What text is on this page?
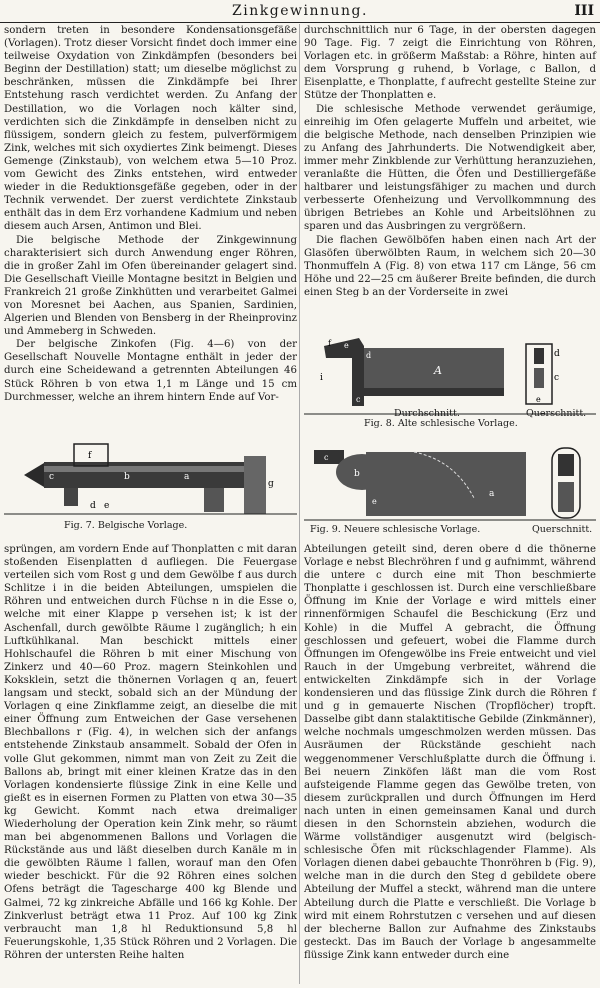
Zinkgewinnung.	III

sondern treten in besondere Kondensationsgefäße (Vorlagen). Trotz dieser Vorsicht findet doch immer eine teilweise Oxydation von Zinkdämpfen (besonders bei Beginn der Destillation) statt; um dieselbe möglichst zu beschränken, müssen die Zinkdämpfe bei Ihrer Entstehung rasch verdichtet werden. Zu Anfang der Destillation, wo die Vorlagen noch kälter sind, verdichten sich die Zinkdämpfe in denselben nicht zu flüssigem, sondern gleich zu festem, pulverförmigem Zink, welches mit sich oxydiertes Zink beimengt. Dieses Gemenge (Zinkstaub), von welchem etwa 5—10 Proz. vom Gewicht des Zinks entstehen, wird entweder wieder in die Reduktionsgefäße gegeben, oder in der Technik verwendet. Der zuerst verdichtete Zinkstaub enthält das in dem Erz vorhandene Kadmium und neben diesem auch Arsen, Antimon und Blei.

Die belgische Methode der Zinkgewinnung charakterisiert sich durch Anwendung enger Röhren, die in großer Zahl im Ofen übereinander gelagert sind. Die Gesellschaft Vieille Montagne besitzt in Belgien und Frankreich 21 große Zinkhütten und verarbeitet Galmei von Moresnet bei Aachen, aus Spanien, Sardinien, Algerien und Blenden von Bensberg in der Rheinprovinz und Ammeberg in Schweden.

Der belgische Zinkofen (Fig. 4—6) von der Gesellschaft Nouvelle Montagne enthält in jeder der durch eine Scheidewand a getrennten Abteilungen 46 Stück Röhren b von etwa 1,1 m Länge und 15 cm Durchmesser, welche an ihrem hintern Ende auf Vor-

c	b	a
f
d e
g
Fig. 7. Belgische Vorlage.

sprüngen, am vordern Ende auf Thonplatten c mit daran stoßenden Eisenplatten d aufliegen. Die Feuergase verteilen sich vom Rost g und dem Gewölbe f aus durch Schlitze i in die beiden Abteilungen, umspielen die Röhren und entweichen durch Füchse n in die Esse o, welche mit einer Klappe p versehen ist; k ist der Aschenfall, durch gewölbte Räume l zugänglich; h ein Luftkühlkanal. Man beschickt mittels einer Hohlschaufel die Röhren b mit einer Mischung von Zinkerz und 40—60 Proz. magern Steinkohlen und Koksklein, setzt die thönernen Vorlagen q an, feuert langsam und steckt, sobald sich an der Mündung der Vorlagen q eine Zinkflamme zeigt, an dieselbe die mit einer Öffnung zum Entweichen der Gase versehenen Blechballons r (Fig. 4), in welchen sich der anfangs entstehende Zinkstaub ansammelt. Sobald der Ofen in volle Glut gekommen, nimmt man von Zeit zu Zeit die Ballons ab, bringt mit einer kleinen Kratze das in den Vorlagen kondensierte flüssige Zink in eine Kelle und gießt es in eisernen Formen zu Platten von etwa 30—35 kg Gewicht. Kommt nach etwa dreimaliger Wiederholung der Operation kein Zink mehr, so räumt man bei abgenommenen Ballons und Vorlagen die Rückstände aus und läßt dieselben durch Kanäle m in die gewölbten Räume l fallen, worauf man den Ofen wieder beschickt. Für die 92 Röhren eines solchen Ofens beträgt die Tagescharge 400 kg Blende und Galmei, 72 kg zinkreiche Abfälle und 166 kg Kohle. Der Zinkverlust beträgt etwa 11 Proz. Auf 100 kg Zink verbraucht man 1,8 hl Reduktionsund 5,8 hl Feuerungskohle, 1,35 Stück Röhren und 2 Vorlagen. Die Röhren der untersten Reihe halten

durchschnittlich nur 6 Tage, in der obersten dagegen 90 Tage. Fig. 7 zeigt die Einrichtung von Röhren, Vorlagen etc. in größerm Maßstab: a Röhre, hinten auf dem Vorsprung g ruhend, b Vorlage, c Ballon, d Eisenplatte, e Thonplatte, f aufrecht gestellte Steine zur Stütze der Thonplatten e.

Die schlesische Methode verwendet geräumige, einreihig im Ofen gelagerte Muffeln und arbeitet, wie die belgische Methode, nach denselben Prinzipien wie zu Anfang des Jahrhunderts. Die Notwendigkeit aber, immer mehr Zinkblende zur Verhüttung heranzuziehen, veranlaßte die Hütten, die Öfen und Destilliergefäße haltbarer und leistungsfähiger zu machen und durch verbesserte Ofenheizung und Vervollkommnung des übrigen Betriebes an Kohle und Arbeitslöhnen zu sparen und das Ausbringen zu vergrößern.

Die flachen Gewölböfen haben einen nach Art der Glasöfen überwölbten Raum, in welchem sich 20—30 Thonmuffeln A (Fig. 8) von etwa 117 cm Länge, 56 cm Höhe und 22—25 cm äußerer Breite befinden, die durch einen Steg b an der Vorderseite in zwei

A
i
c
d
e
f
d
c
e
Fig. 8. Alte schlesische Vorlage.
Durchschnitt.	Querschnitt.
c
b
e
a
Fig. 9. Neuere schlesische Vorlage.	Querschnitt.

Abteilungen geteilt sind, deren obere d die thönerne Vorlage e nebst Blechröhren f und g aufnimmt, während die untere c durch eine mit Thon beschmierte Thonplatte i geschlossen ist. Durch eine verschließbare Öffnung im Knie der Vorlage e wird mittels einer rinnenförmigen Schaufel die Beschickung (Erz und Kohle) in die Muffel A gebracht, die Öffnung geschlossen und gefeuert, wobei die Flamme durch Öffnungen im Ofengewölbe ins Freie entweicht und viel Rauch in der Umgebung verbreitet, während die entwickelten Zinkdämpfe sich in der Vorlage kondensieren und das flüssige Zink durch die Röhren f und g in gemauerte Nischen (Tropflöcher) tropft. Dasselbe gibt dann stalaktitische Gebilde (Zinkmänner), welche nochmals umgeschmolzen werden müssen. Das Ausräumen der Rückstände geschieht nach weggenommener Verschlußplatte durch die Öffnung i. Bei neuern Zinköfen läßt man die vom Rost aufsteigende Flamme gegen das Gewölbe treten, von diesem zurückprallen und durch Öffnungen im Herd nach unten in einen gemeinsamen Kanal und durch diesen in den Schornstein abziehen, wodurch die Wärme vollständiger ausgenutzt wird (belgisch-schlesische Öfen mit rückschlagender Flamme). Als Vorlagen dienen dabei gebauchte Thonröhren b (Fig. 9), welche man in die durch den Steg d gebildete obere Abteilung der Muffel a steckt, während man die untere Abteilung durch die Platte e verschließt. Die Vorlage b wird mit einem Rohrstutzen c versehen und auf diesen der blecherne Ballon zur Aufnahme des Zinkstaubs gesteckt. Das im Bauch der Vorlage b angesammelte flüssige Zink kann entweder durch eine
